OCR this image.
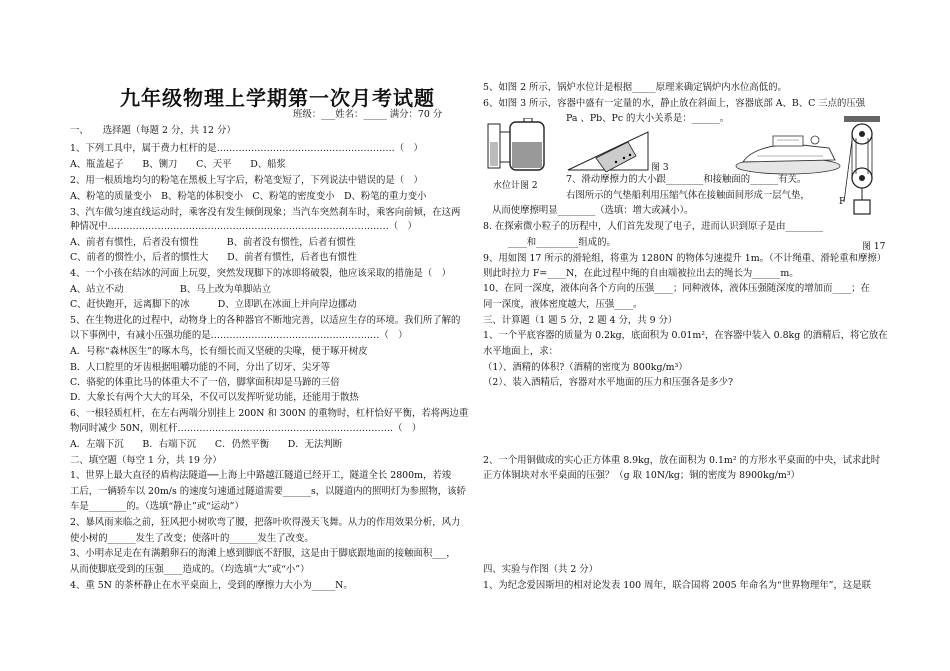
九年级物理上学期第一次月考试题
班级：___姓名：_____ 满分：70 分
一、　　选择题（每题 2 分，共 12 分）
1、下列工具中，属于费力杠杆的是…………………………………………………（　）
A、瓶盖起子　　B、铡刀　　C、天平　　D、船浆
2、用一根质地均匀的粉笔在黑板上写字后，粉笔变短了，下列说法中错误的是（　）
A、粉笔的质量变小　B、粉笔的体积变小　C、粉笔的密度变小　D、粉笔的重力变小
3、汽车做匀速直线运动时，乘客没有发生倾倒现象；当汽车突然刹车时，乘客向前倾，在这两
种情况中………………………………………………………………………………（　）
A、前者有惯性，后者没有惯性　　　B、前者没有惯性，后者有惯性
C、前者的惯性小，后者的惯性大　　D、前者有惯性，后者也有惯性
4、一个小孩在结冰的河面上玩耍，突然发现脚下的冰即将破裂，他应该采取的措施是（　）
A、站立不动　　　　　　B、马上改为单脚站立
C、赶快跑开，远离脚下的冰　　　D、立即趴在冰面上并向岸边挪动
5、在生物进化的过程中，动物身上的各种器官不断地完善，以适应生存的环境。我们所了解的
以下事例中，有减小压强功能的是………………………………………………（　）
A．号称“森林医生”的啄木鸟，长有细长而又坚硬的尖喙，便于啄开树皮
B．人口腔里的牙齿根据咀嚼功能的不同，分出了切牙、尖牙等
C．骆驼的体重比马的体重大不了一倍，脚掌面积却是马蹄的三倍
D．大象长有两个大大的耳朵，不仅可以发挥听觉功能，还能用于散热
6、一根轻质杠杆，在左右两端分别挂上 200N 和 300N 的重物时，杠杆恰好平衡，若将两边重
物同时减少 50N，则杠杆……………………………………………………………（　）
A．左端下沉　　B．右端下沉　　C．仍然平衡　　D．无法判断
二、填空题（每空 1 分，共 19 分）
1、世界上最大直径的盾构法隧道──上海上中路越江隧道已经开工，隧道全长 2800m，若竣
工后，一辆轿车以 20m/s 的速度匀速通过隧道需要______s，以隧道内的照明灯为参照物，该轿
车是________的。（选填“静止”或“运动”）
2、暴风雨来临之前，狂风把小树吹弯了腰，把落叶吹得漫天飞舞。从力的作用效果分析，风力
使小树的______发生了改变；使落叶的______发生了改变。
3、小明赤足走在有满鹅卵石的海滩上感到脚底不舒服，这是由于脚底跟地面的接触面积___，
从而使脚底受到的压强____造成的。（均选填“大”或“小”）
4、重 5N 的茶杯静止在水平桌面上，受到的摩擦力大小为_____N。
5、如图 2 所示，锅炉水位计是根据_____原理来确定锅炉内水位高低的。
6、如图 3 所示，容器中盛有一定量的水，静止放在斜面上，容器底部 A、B、C 三点的压强
Pa 、Pb、Pc 的大小关系是：______。
7、滑动摩擦力的大小跟________和接触面的______有关。
右图所示的气垫船利用压缩气体在接触面间形成一层气垫，
从而使摩擦明显________（选填：增大或减小）。
8. 在探索微小粒子的历程中，人们首先发现了电子，进而认识到原子是由________
____和_________组成的。
9、用如图 17 所示的滑轮组，将重为 1280N 的物体匀速提升 1m。（不计绳重、滑轮重和摩擦）
则此时拉力 F=____N，在此过程中绳的自由端被拉出去的绳长为______m。
10、在同一深度，液体向各个方向的压强____；同种液体，液体压强随深度的增加而____；在
同一深度，液体密度越大，压强____。
三、计算题（1 题 5 分，2 题 4 分，共 9 分）
1、一个平底容器的质量为 0.2kg，底面积为 0.01m²，在容器中装入 0.8kg 的酒精后，将它放在
水平地面上，求：
（1）、酒精的体积?（酒精的密度为 800kg/m³）
（2）、装入酒精后，容器对水平地面的压力和压强各是多少?
2、一个用铜做成的实心正方体重 8.9kg，放在面积为 0.1m² 的方形水平桌面的中央，试求此时
正方体铜块对水平桌面的压强？（g 取 10N/kg；铜的密度为 8900kg/m³）
四、实验与作图（共 2 分）
1、为纪念爱因斯坦的相对论发表 100 周年，联合国将 2005 年命名为“世界物理年”，这是联
水位计图 2
图 3
F
图 17
